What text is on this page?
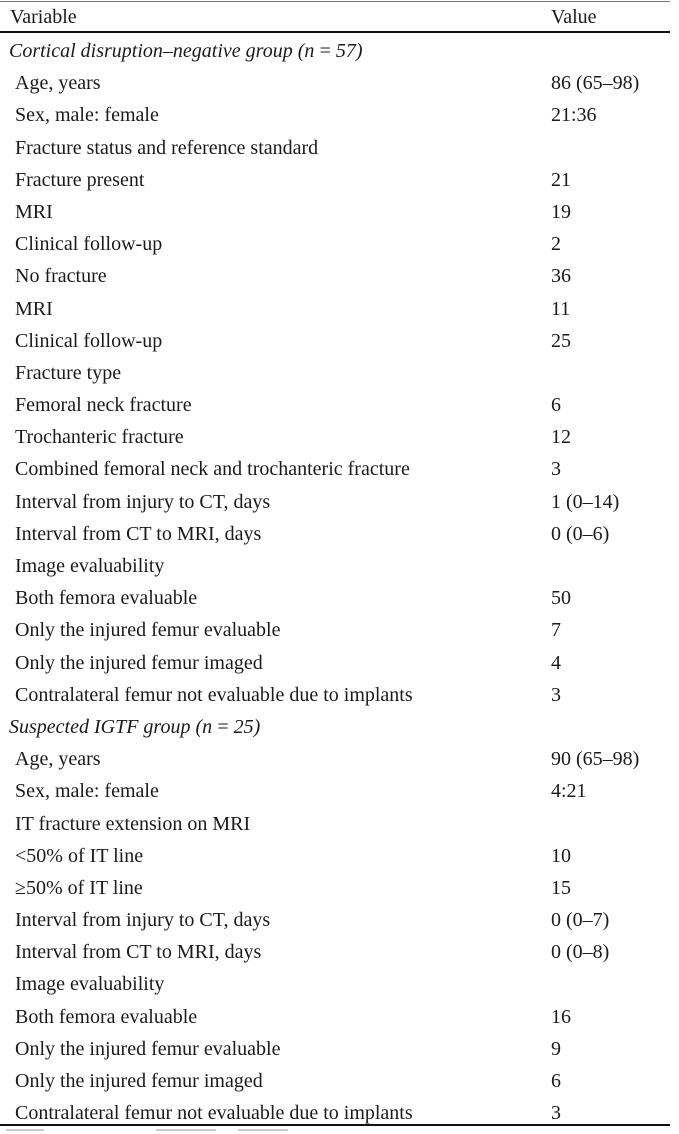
Variable	Value
Cortical disruption–negative group (n = 57)
Age, years	86 (65–98)
Sex, male: female	21:36
Fracture status and reference standard
Fracture present	21
MRI	19
Clinical follow-up	2
No fracture	36
MRI	11
Clinical follow-up	25
Fracture type
Femoral neck fracture	6
Trochanteric fracture	12
Combined femoral neck and trochanteric fracture	3
Interval from injury to CT, days	1 (0–14)
Interval from CT to MRI, days	0 (0–6)
Image evaluability
Both femora evaluable	50
Only the injured femur evaluable	7
Only the injured femur imaged	4
Contralateral femur not evaluable due to implants	3
Suspected IGTF group (n = 25)
Age, years	90 (65–98)
Sex, male: female	4:21
IT fracture extension on MRI
<50% of IT line	10
≥50% of IT line	15
Interval from injury to CT, days	0 (0–7)
Interval from CT to MRI, days	0 (0–8)
Image evaluability
Both femora evaluable	16
Only the injured femur evaluable	9
Only the injured femur imaged	6
Contralateral femur not evaluable due to implants	3
